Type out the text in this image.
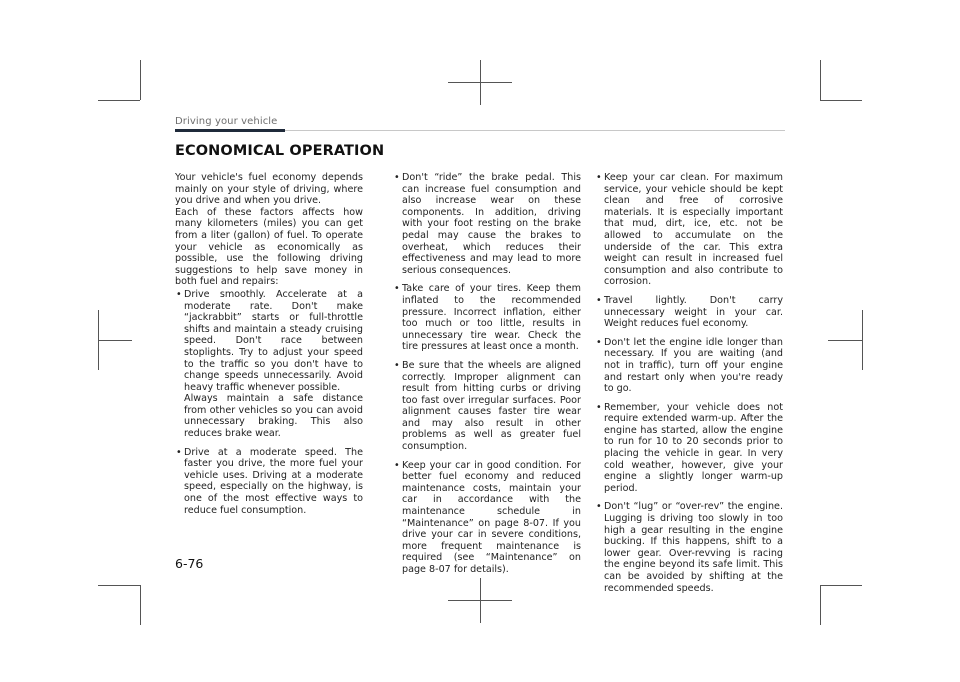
Driving your vehicle
ECONOMICAL OPERATION

Your vehicle's fuel economy depends mainly on your style of driving, where you drive and when you drive.

Each of these factors affects how many kilometers (miles) you can get from a liter (gallon) of fuel. To operate your vehicle as economically as possible, use the following driving suggestions to help save money in both fuel and repairs:

• Drive smoothly. Accelerate at a moderate rate. Don't make “jackrabbit” starts or full-throttle shifts and maintain a steady cruising speed. Don't race between stoplights. Try to adjust your speed to the traffic so you don't have to change speeds unnecessarily. Avoid heavy traffic whenever possible.
Always maintain a safe distance from other vehicles so you can avoid unnecessary braking. This also reduces brake wear.
• Drive at a moderate speed. The faster you drive, the more fuel your vehicle uses. Driving at a moderate speed, especially on the highway, is one of the most effective ways to reduce fuel consumption.
• Don't “ride” the brake pedal. This can increase fuel consumption and also increase wear on these components. In addition, driving with your foot resting on the brake pedal may cause the brakes to overheat, which reduces their effectiveness and may lead to more serious consequences.
• Take care of your tires. Keep them inflated to the recommended pressure. Incorrect inflation, either too much or too little, results in unnecessary tire wear. Check the tire pressures at least once a month.
• Be sure that the wheels are aligned correctly. Improper alignment can result from hitting curbs or driving too fast over irregular surfaces. Poor alignment causes faster tire wear and may also result in other problems as well as greater fuel consumption.
• Keep your car in good condition. For better fuel economy and reduced maintenance costs, maintain your car in accordance with the maintenance schedule in “Maintenance” on page 8-07. If you drive your car in severe conditions, more frequent maintenance is required (see “Maintenance” on page 8-07 for details).
• Keep your car clean. For maximum service, your vehicle should be kept clean and free of corrosive materials. It is especially important that mud, dirt, ice, etc. not be allowed to accumulate on the underside of the car. This extra weight can result in increased fuel consumption and also contribute to corrosion.
• Travel lightly. Don't carry unnecessary weight in your car. Weight reduces fuel economy.
• Don't let the engine idle longer than necessary. If you are waiting (and not in traffic), turn off your engine and restart only when you're ready to go.
• Remember, your vehicle does not require extended warm-up. After the engine has started, allow the engine to run for 10 to 20 seconds prior to placing the vehicle in gear. In very cold weather, however, give your engine a slightly longer warm-up period.
• Don't “lug” or “over-rev” the engine. Lugging is driving too slowly in too high a gear resulting in the engine bucking. If this happens, shift to a lower gear. Over-revving is racing the engine beyond its safe limit. This can be avoided by shifting at the recommended speeds.
6-76
